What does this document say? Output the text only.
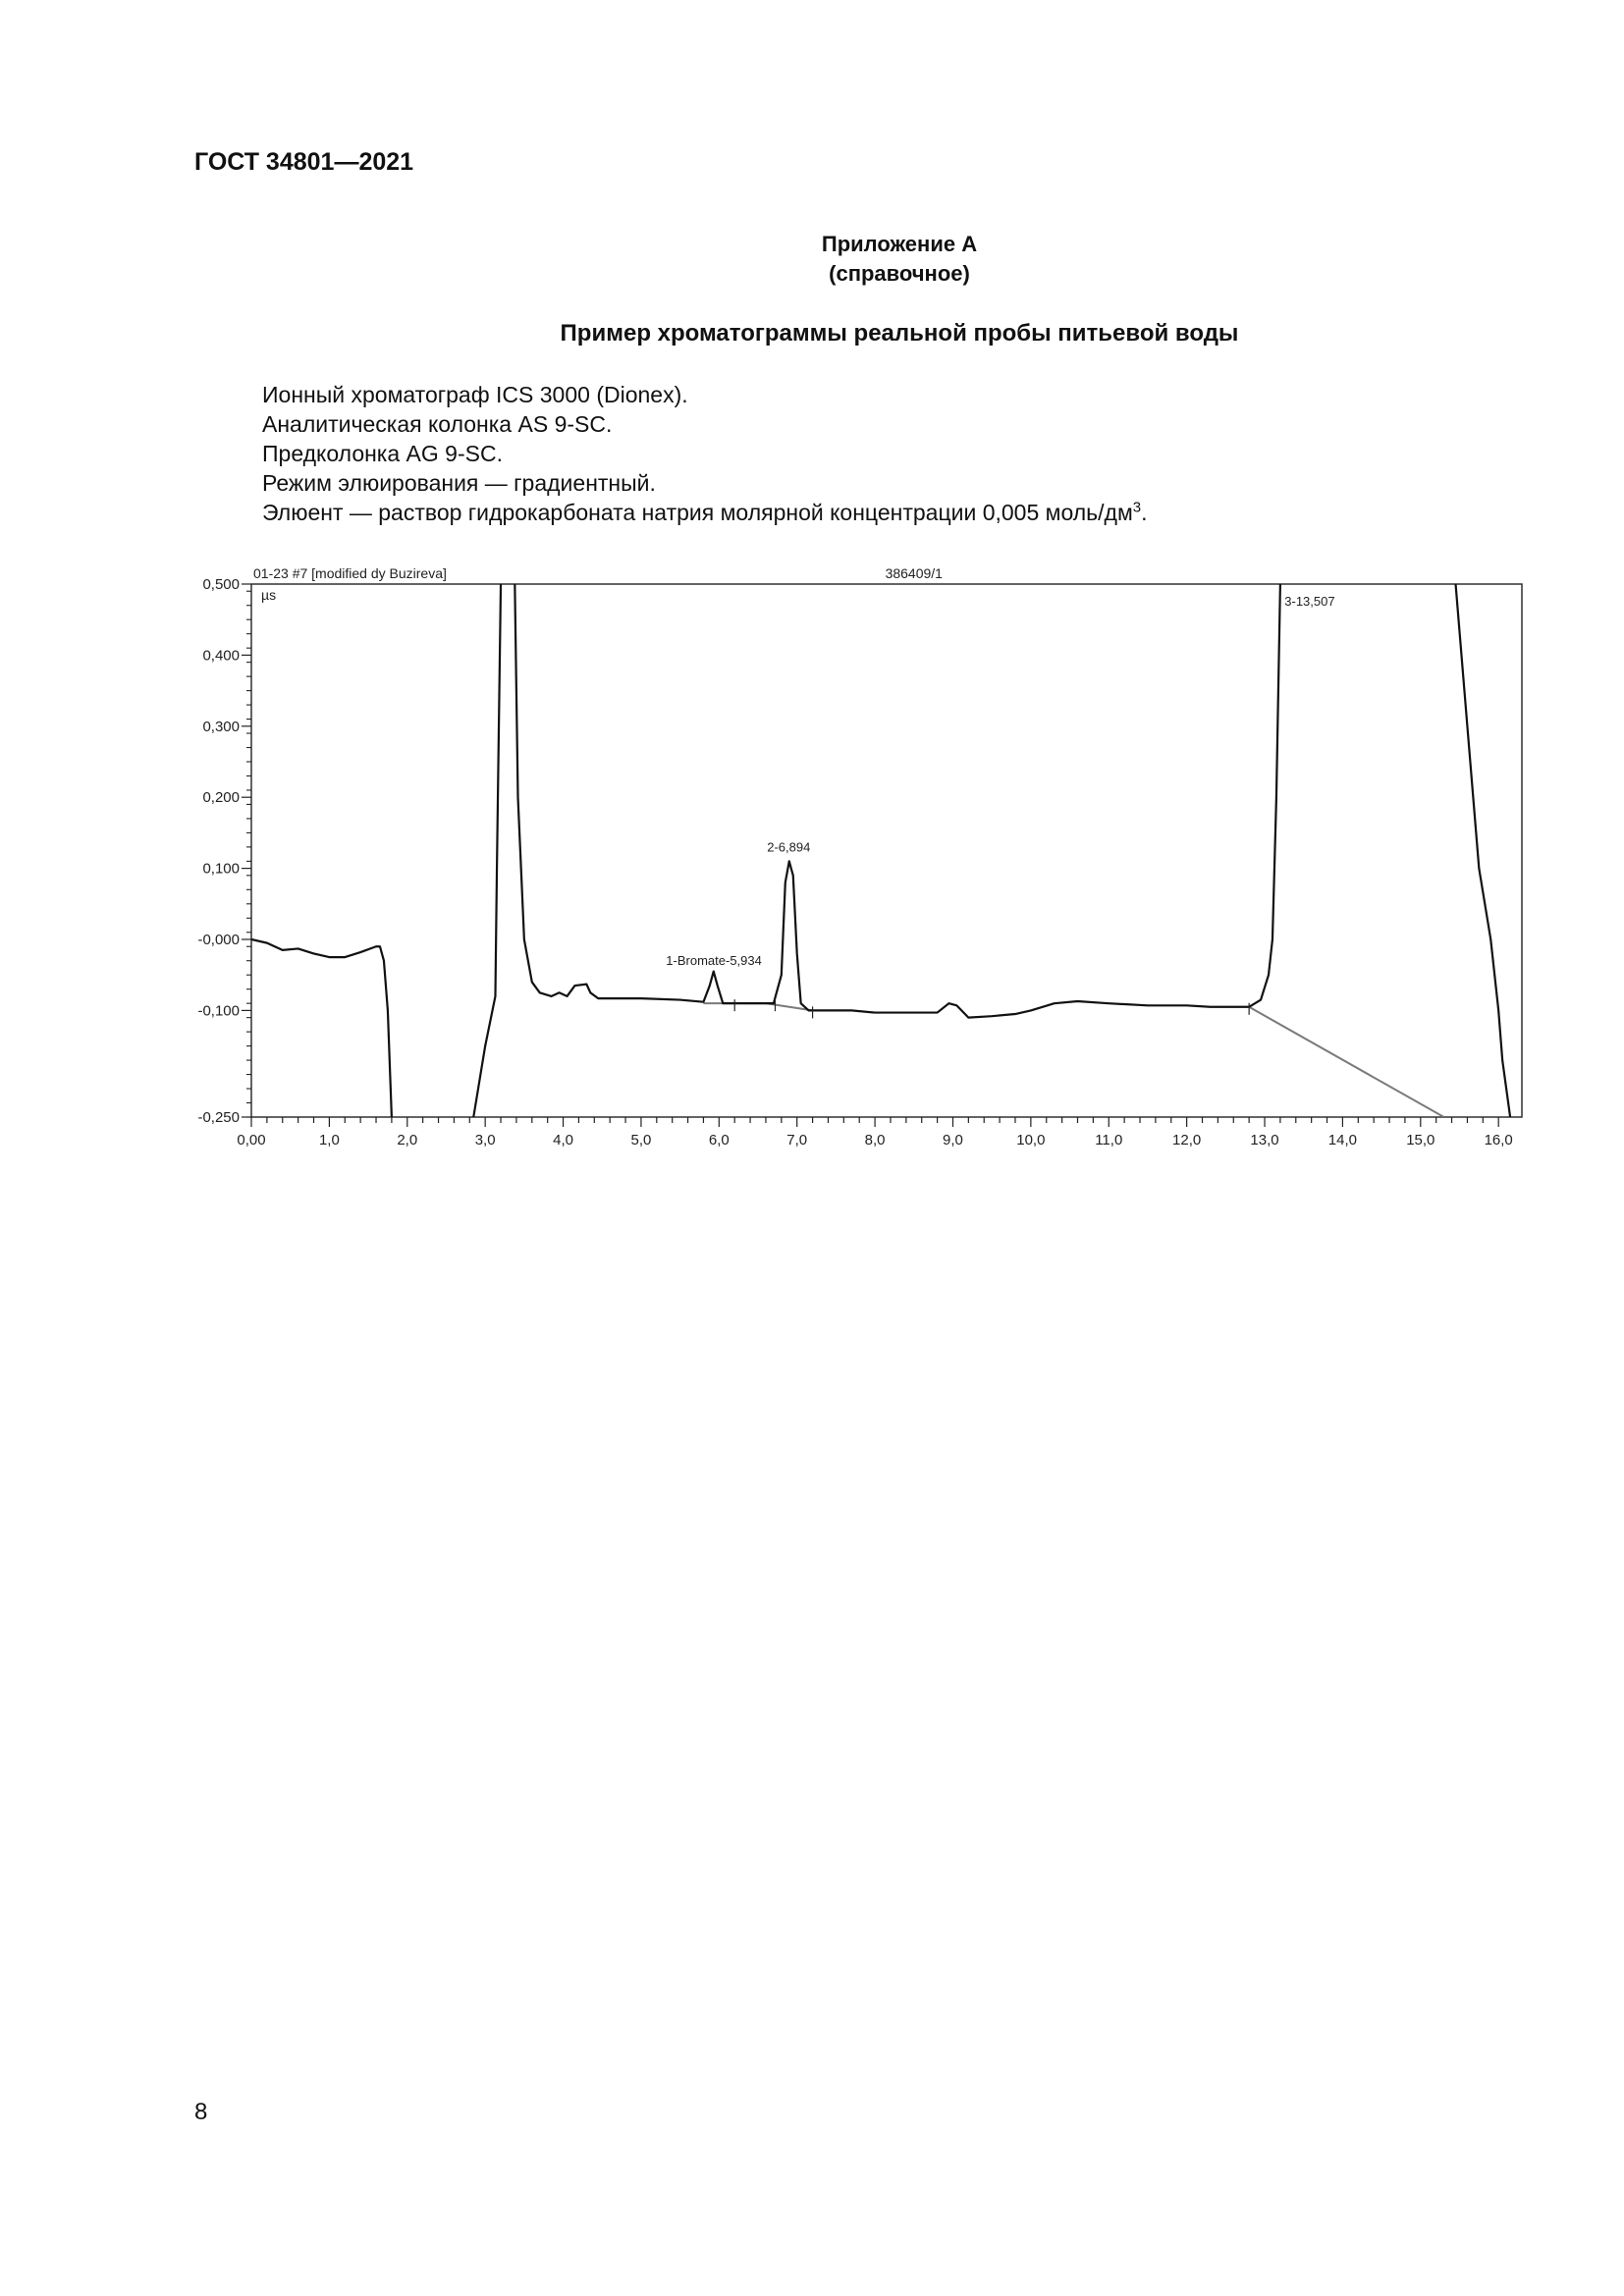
ГОСТ 34801—2021
Приложение А
(справочное)
Пример хроматограммы реальной пробы питьевой воды
Ионный хроматограф ICS 3000 (Dionex).
Аналитическая колонка AS 9-SC.
Предколонка AG 9-SC.
Режим элюирования — градиентный.
Элюент — раствор гидрокарбоната натрия молярной концентрации 0,005 моль/$дм^3$.
0,00	1,0	2,0	3,0	4,0	5,0	6,0	7,0	8,0	9,0	10,0	11,0	12,0	13,0	14,0	15,0	16,0
0,500
0,400
0,300
0,200
0,100
-0,000
-0,100
-0,250
01-23 #7 [modified dy Buzireva]	386409/1
µs
1-Bromate-5,934
2-6,894
3-13,507
8
